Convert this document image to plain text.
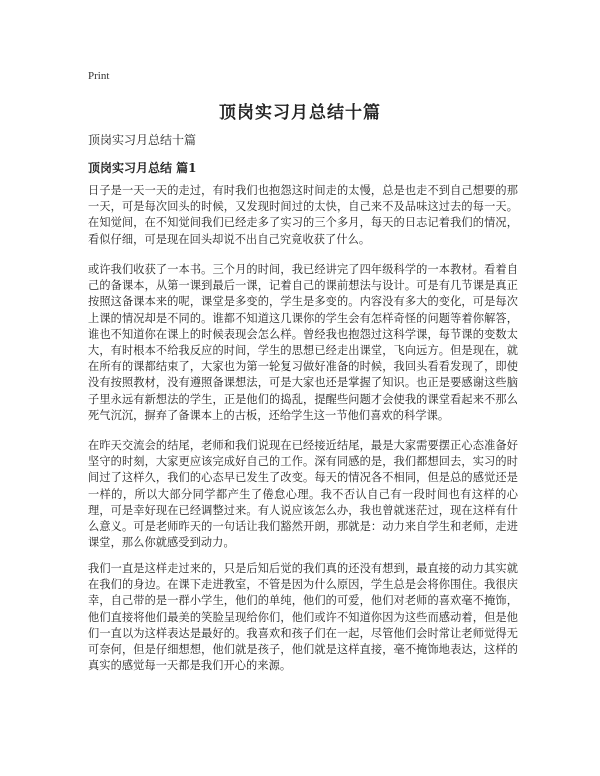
Print
顶岗实习月总结十篇

顶岗实习月总结十篇

顶岗实习月总结 篇1

日子是一天一天的走过，有时我们也抱怨这时间走的太慢，总是也走不到自己想要的那一天，可是每次回头的时候，又发现时间过的太快，自己来不及品味这过去的每一天。在知觉间，在不知觉间我们已经走多了实习的三个多月，每天的日志记着我们的情况，看似仔细，可是现在回头却说不出自己究竟收获了什么。

或许我们收获了一本书。三个月的时间，我已经讲完了四年级科学的一本教材。看着自己的备课本，从第一课到最后一课，记着自己的课前想法与设计。可是有几节课是真正按照这备课本来的呢，课堂是多变的，学生是多变的。内容没有多大的变化，可是每次上课的情况却是不同的。谁都不知道这几课你的学生会有怎样奇怪的问题等着你解答，谁也不知道你在课上的时候表现会怎么样。曾经我也抱怨过这科学课，每节课的变数太大，有时根本不给我反应的时间，学生的思想已经走出课堂，飞向远方。但是现在，就在所有的课都结束了，大家也为第一轮复习做好准备的时候，我回头看看发现了，即使没有按照教材，没有遵照备课想法，可是大家也还是掌握了知识。也正是要感谢这些脑子里永远有新想法的学生，正是他们的捣乱，提醒些问题才会使我的课堂看起来不那么死气沉沉，摒弃了备课本上的古板，还给学生这一节他们喜欢的科学课。

在昨天交流会的结尾，老师和我们说现在已经接近结尾，最是大家需要摆正心态准备好坚守的时刻，大家更应该完成好自己的工作。深有同感的是，我们都想回去，实习的时间过了这样久，我们的心态早已发生了改变。每天的情况各不相同，但是总的感觉还是一样的，所以大部分同学都产生了倦怠心理。我不否认自己有一段时间也有这样的心理，可是幸好现在已经调整过来。有人说应该怎么办，我也曾就迷茫过，现在这样有什么意义。可是老师昨天的一句话让我们豁然开朗，那就是：动力来自学生和老师，走进课堂，那么你就感受到动力。

我们一直是这样走过来的，只是后知后觉的我们真的还没有想到，最直接的动力其实就在我们的身边。在课下走进教室，不管是因为什么原因，学生总是会将你围住。我很庆幸，自己带的是一群小学生，他们的单纯，他们的可爱，他们对老师的喜欢毫不掩饰，他们直接将他们最美的笑脸呈现给你们，他们或许不知道你因为这些而感动着，但是他们一直以为这样表达是最好的。我喜欢和孩子们在一起，尽管他们会时常让老师觉得无可奈何，但是仔细想想，他们就是孩子，他们就是这样直接，毫不掩饰地表达，这样的真实的感觉每一天都是我们开心的来源。
